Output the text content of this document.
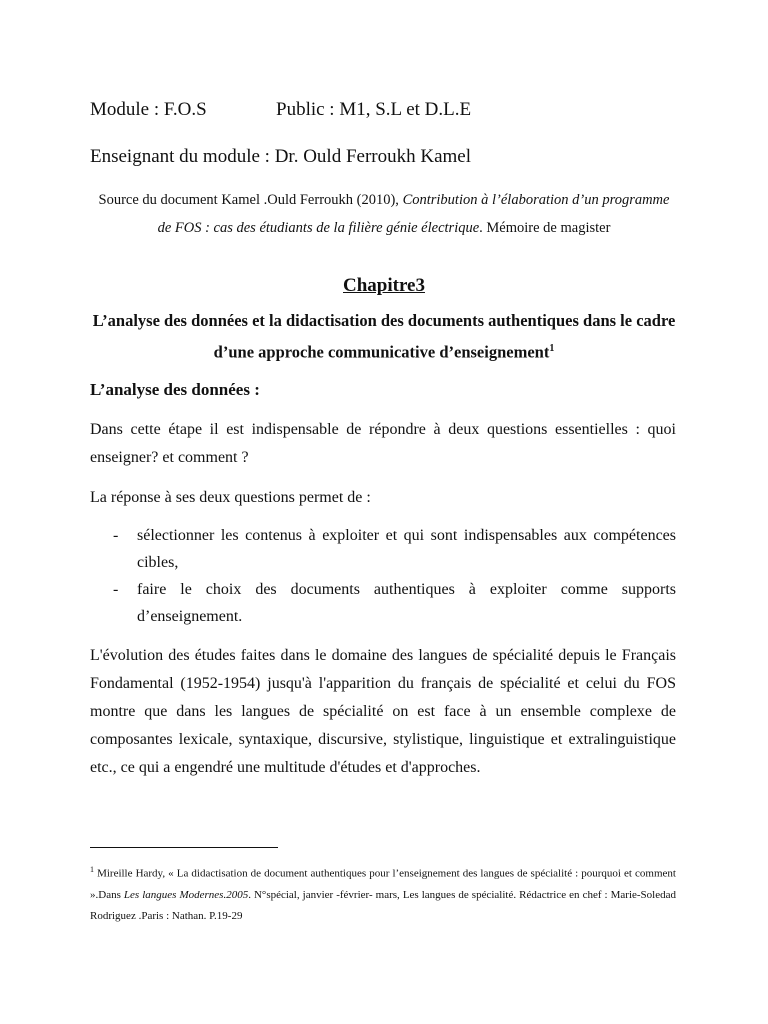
Module : F.O.S	Public : M1, S.L et D.L.E
Enseignant du module : Dr. Ould Ferroukh Kamel
Source du document Kamel .Ould Ferroukh (2010), Contribution à l’élaboration d’un programme de FOS : cas des étudiants de la filière génie électrique. Mémoire de magister
Chapitre3
L’analyse des données et la didactisation des documents authentiques dans le cadre d’une approche communicative d’enseignement$^1$
L’analyse des données :
Dans cette étape il est indispensable de répondre à deux questions essentielles : quoi enseigner? et comment ?
La réponse à ses deux questions permet de :
- sélectionner les contenus à exploiter et qui sont indispensables aux compétences cibles,
- faire le choix des documents authentiques à exploiter comme supports d’enseignement.
L'évolution des études faites dans le domaine des langues de spécialité depuis le Français Fondamental (1952-1954) jusqu'à l'apparition du français de spécialité et celui du FOS montre que dans les langues de spécialité on est face à un ensemble complexe de composantes lexicale, syntaxique, discursive, stylistique, linguistique et extralinguistique etc., ce qui a engendré une multitude d'études et d'approches.
$^1$ Mireille Hardy, « La didactisation de document authentiques pour l’enseignement des langues de spécialité : pourquoi et comment ».Dans Les langues Modernes.2005. N°spécial, janvier -février- mars, Les langues de spécialité. Rédactrice en chef : Marie-Soledad Rodriguez .Paris : Nathan. P.19-29
